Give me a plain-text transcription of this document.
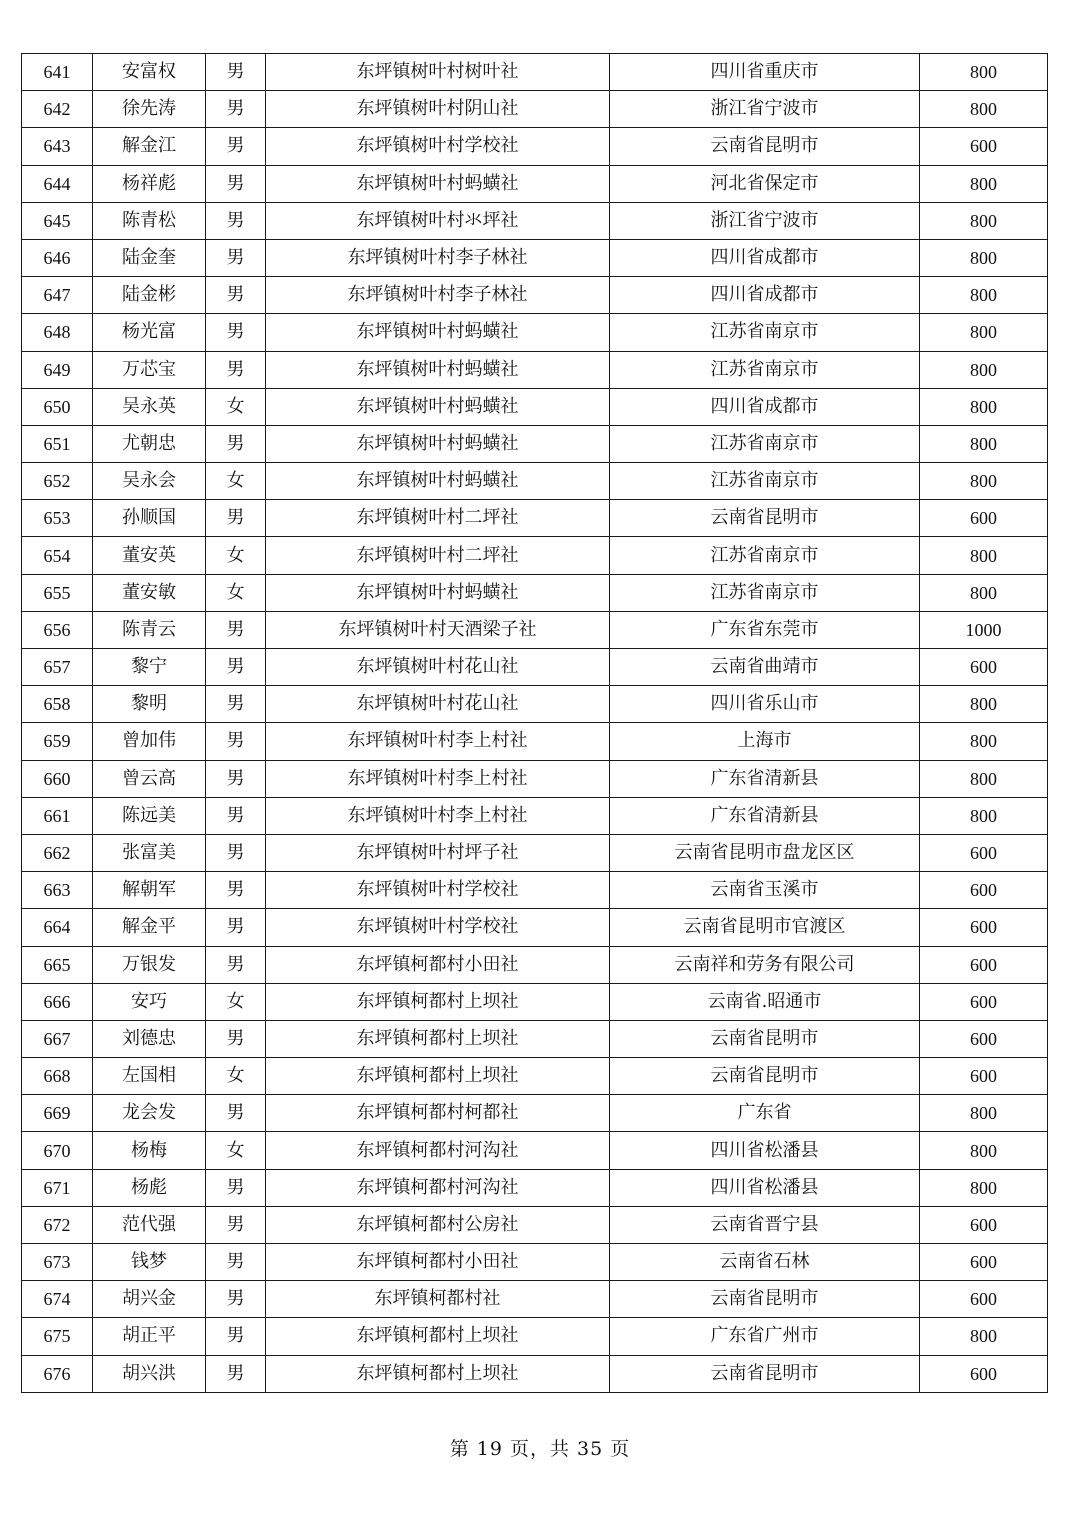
641	安富权	男	东坪镇树叶村树叶社	四川省重庆市	800
642	徐先涛	男	东坪镇树叶村阴山社	浙江省宁波市	800
643	解金江	男	东坪镇树叶村学校社	云南省昆明市	600
644	杨祥彪	男	东坪镇树叶村蚂蟥社	河北省保定市	800
645	陈青松	男	东坪镇树叶村氺坪社	浙江省宁波市	800
646	陆金奎	男	东坪镇树叶村李子林社	四川省成都市	800
647	陆金彬	男	东坪镇树叶村李子林社	四川省成都市	800
648	杨光富	男	东坪镇树叶村蚂蟥社	江苏省南京市	800
649	万芯宝	男	东坪镇树叶村蚂蟥社	江苏省南京市	800
650	吴永英	女	东坪镇树叶村蚂蟥社	四川省成都市	800
651	尤朝忠	男	东坪镇树叶村蚂蟥社	江苏省南京市	800
652	吴永会	女	东坪镇树叶村蚂蟥社	江苏省南京市	800
653	孙顺国	男	东坪镇树叶村二坪社	云南省昆明市	600
654	董安英	女	东坪镇树叶村二坪社	江苏省南京市	800
655	董安敏	女	东坪镇树叶村蚂蟥社	江苏省南京市	800
656	陈青云	男	东坪镇树叶村天酒梁子社	广东省东莞市	1000
657	黎宁	男	东坪镇树叶村花山社	云南省曲靖市	600
658	黎明	男	东坪镇树叶村花山社	四川省乐山市	800
659	曾加伟	男	东坪镇树叶村李上村社	上海市	800
660	曾云高	男	东坪镇树叶村李上村社	广东省清新县	800
661	陈远美	男	东坪镇树叶村李上村社	广东省清新县	800
662	张富美	男	东坪镇树叶村坪子社	云南省昆明市盘龙区区	600
663	解朝军	男	东坪镇树叶村学校社	云南省玉溪市	600
664	解金平	男	东坪镇树叶村学校社	云南省昆明市官渡区	600
665	万银发	男	东坪镇柯都村小田社	云南祥和劳务有限公司	600
666	安巧	女	东坪镇柯都村上坝社	云南省.昭通市	600
667	刘德忠	男	东坪镇柯都村上坝社	云南省昆明市	600
668	左国相	女	东坪镇柯都村上坝社	云南省昆明市	600
669	龙会发	男	东坪镇柯都村柯都社	广东省	800
670	杨梅	女	东坪镇柯都村河沟社	四川省松潘县	800
671	杨彪	男	东坪镇柯都村河沟社	四川省松潘县	800
672	范代强	男	东坪镇柯都村公房社	云南省晋宁县	600
673	钱梦	男	东坪镇柯都村小田社	云南省石林	600
674	胡兴金	男	东坪镇柯都村社	云南省昆明市	600
675	胡正平	男	东坪镇柯都村上坝社	广东省广州市	800
676	胡兴洪	男	东坪镇柯都村上坝社	云南省昆明市	600
第 19 页，共 35 页
